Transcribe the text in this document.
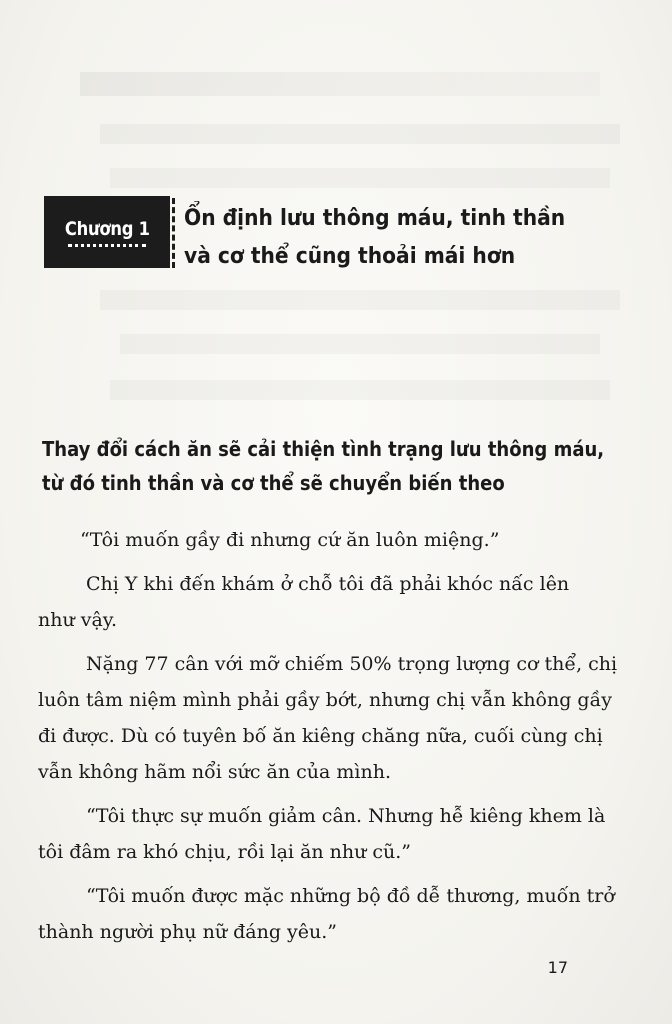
Chương 1 Ổn định lưu thông máu, tinh thần
và cơ thể cũng thoải mái hơn
Thay đổi cách ăn sẽ cải thiện tình trạng lưu thông máu,
từ đó tinh thần và cơ thể sẽ chuyển biến theo

“Tôi muốn gầy đi nhưng cứ ăn luôn miệng.”

Chị Y khi đến khám ở chỗ tôi đã phải khóc nấc lên
như vậy.

Nặng 77 cân với mỡ chiếm 50% trọng lượng cơ thể, chị
luôn tâm niệm mình phải gầy bớt, nhưng chị vẫn không gầy
đi được. Dù có tuyên bố ăn kiêng chăng nữa, cuối cùng chị
vẫn không hãm nổi sức ăn của mình.

“Tôi thực sự muốn giảm cân. Nhưng hễ kiêng khem là
tôi đâm ra khó chịu, rồi lại ăn như cũ.”

“Tôi muốn được mặc những bộ đồ dễ thương, muốn trở
thành người phụ nữ đáng yêu.”

17
